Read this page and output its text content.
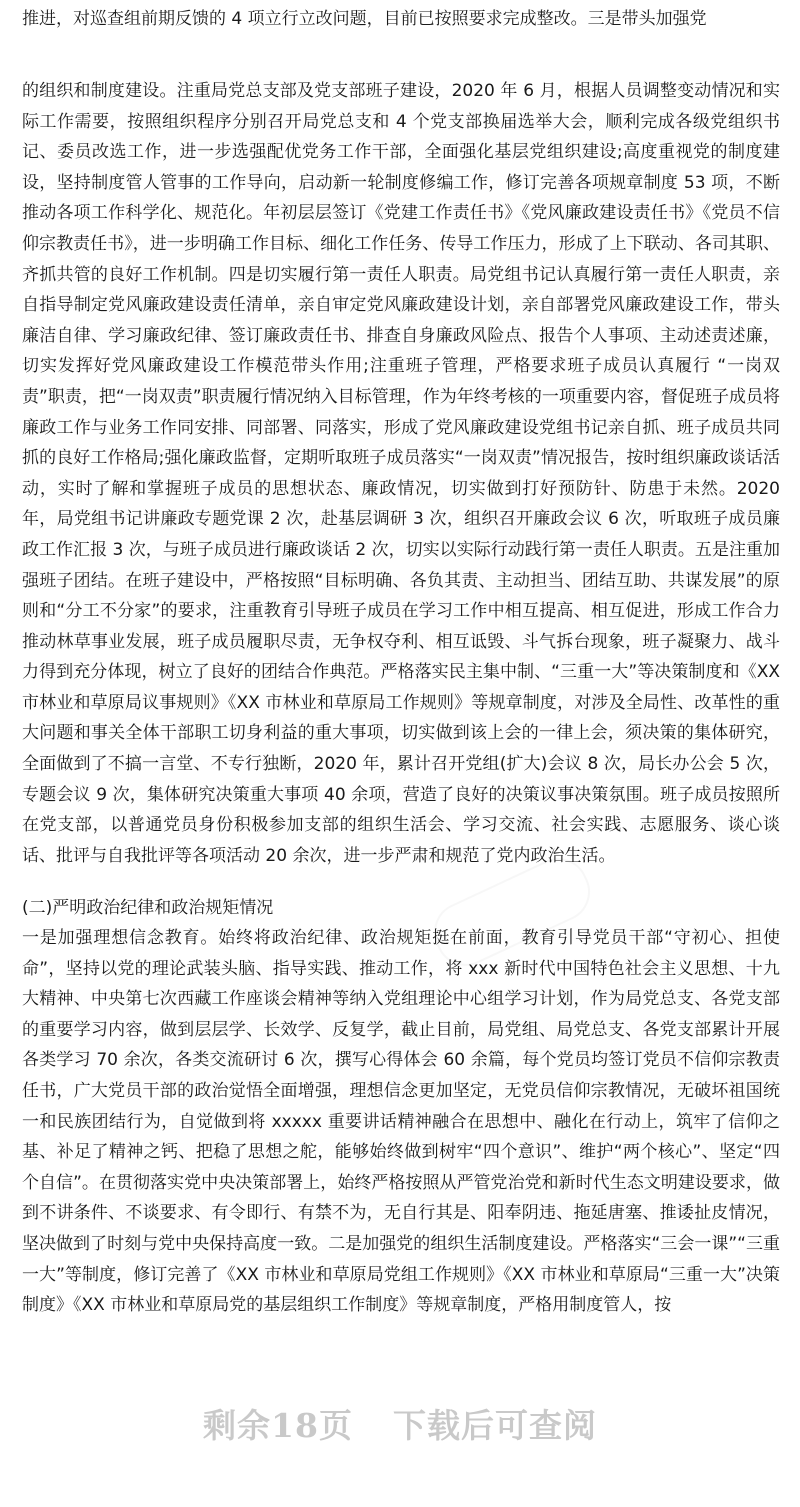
推进，对巡查组前期反馈的 4 项立行立改问题，目前已按照要求完成整改。三是带头加强党

的组织和制度建设。注重局党总支部及党支部班子建设，2020 年 6 月，根据人员调整变动情况和实际工作需要，按照组织程序分别召开局党总支和 4 个党支部换届选举大会，顺利完成各级党组织书记、委员改选工作，进一步选强配优党务工作干部，全面强化基层党组织建设;高度重视党的制度建设，坚持制度管人管事的工作导向，启动新一轮制度修编工作，修订完善各项规章制度 53 项，不断推动各项工作科学化、规范化。年初层层签订《党建工作责任书》《党风廉政建设责任书》《党员不信仰宗教责任书》，进一步明确工作目标、细化工作任务、传导工作压力，形成了上下联动、各司其职、齐抓共管的良好工作机制。四是切实履行第一责任人职责。局党组书记认真履行第一责任人职责，亲自指导制定党风廉政建设责任清单，亲自审定党风廉政建设计划，亲自部署党风廉政建设工作，带头廉洁自律、学习廉政纪律、签订廉政责任书、排查自身廉政风险点、报告个人事项、主动述责述廉，切实发挥好党风廉政建设工作模范带头作用;注重班子管理，严格要求班子成员认真履行 “一岗双责”职责，把“一岗双责”职责履行情况纳入目标管理，作为年终考核的一项重要内容，督促班子成员将廉政工作与业务工作同安排、同部署、同落实，形成了党风廉政建设党组书记亲自抓、班子成员共同抓的良好工作格局;强化廉政监督，定期听取班子成员落实“一岗双责”情况报告，按时组织廉政谈话活动，实时了解和掌握班子成员的思想状态、廉政情况，切实做到打好预防针、防患于未然。2020 年，局党组书记讲廉政专题党课 2 次，赴基层调研 3 次，组织召开廉政会议 6 次，听取班子成员廉政工作汇报 3 次，与班子成员进行廉政谈话 2 次，切实以实际行动践行第一责任人职责。五是注重加强班子团结。在班子建设中，严格按照“目标明确、各负其责、主动担当、团结互助、共谋发展”的原则和“分工不分家”的要求，注重教育引导班子成员在学习工作中相互提高、相互促进，形成工作合力推动林草事业发展，班子成员履职尽责，无争权夺利、相互诋毁、斗气拆台现象，班子凝聚力、战斗力得到充分体现，树立了良好的团结合作典范。严格落实民主集中制、“三重一大”等决策制度和《XX 市林业和草原局议事规则》《XX 市林业和草原局工作规则》等规章制度，对涉及全局性、改革性的重大问题和事关全体干部职工切身利益的重大事项，切实做到该上会的一律上会，须决策的集体研究，全面做到了不搞一言堂、不专行独断，2020 年，累计召开党组(扩大)会议 8 次，局长办公会 5 次，专题会议 9 次，集体研究决策重大事项 40 余项，营造了良好的决策议事决策氛围。班子成员按照所在党支部，以普通党员身份积极参加支部的组织生活会、学习交流、社会实践、志愿服务、谈心谈话、批评与自我批评等各项活动 20 余次，进一步严肃和规范了党内政治生活。

(二)严明政治纪律和政治规矩情况

一是加强理想信念教育。始终将政治纪律、政治规矩挺在前面，教育引导党员干部“守初心、担使命”，坚持以党的理论武装头脑、指导实践、推动工作，将 xxx 新时代中国特色社会主义思想、十九大精神、中央第七次西藏工作座谈会精神等纳入党组理论中心组学习计划，作为局党总支、各党支部的重要学习内容，做到层层学、长效学、反复学，截止目前，局党组、局党总支、各党支部累计开展各类学习 70 余次，各类交流研讨 6 次，撰写心得体会 60 余篇，每个党员均签订党员不信仰宗教责任书，广大党员干部的政治觉悟全面增强，理想信念更加坚定，无党员信仰宗教情况，无破坏祖国统一和民族团结行为，自觉做到将 xxxxx 重要讲话精神融合在思想中、融化在行动上，筑牢了信仰之基、补足了精神之钙、把稳了思想之舵，能够始终做到树牢“四个意识”、维护“两个核心”、坚定“四个自信”。在贯彻落实党中央决策部署上，始终严格按照从严管党治党和新时代生态文明建设要求，做到不讲条件、不谈要求、有令即行、有禁不为，无自行其是、阳奉阴违、拖延唐塞、推诿扯皮情况，坚决做到了时刻与党中央保持高度一致。二是加强党的组织生活制度建设。严格落实“三会一课”“三重一大”等制度，修订完善了《XX 市林业和草原局党组工作规则》《XX 市林业和草原局“三重一大”决策制度》《XX 市林业和草原局党的基层组织工作制度》等规章制度，严格用制度管人，按

剩余18页 下载后可查阅
